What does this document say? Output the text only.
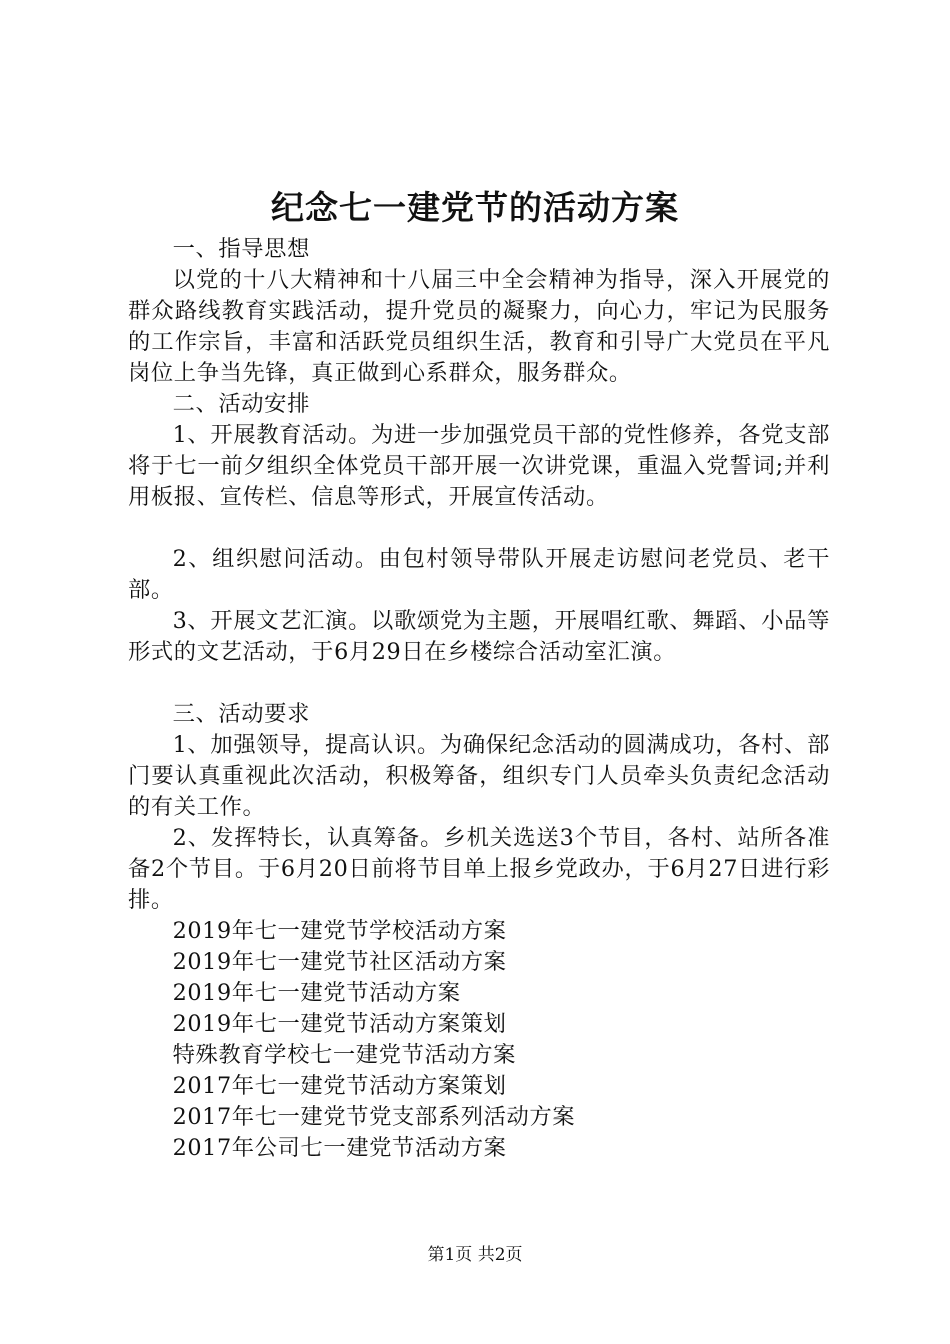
纪念七一建党节的活动方案

一、指导思想

以党的十八大精神和十八届三中全会精神为指导，深入开展党的群众路线教育实践活动，提升党员的凝聚力，向心力，牢记为民服务的工作宗旨，丰富和活跃党员组织生活，教育和引导广大党员在平凡岗位上争当先锋，真正做到心系群众，服务群众。

二、活动安排

1、开展教育活动。为进一步加强党员干部的党性修养，各党支部将于七一前夕组织全体党员干部开展一次讲党课，重温入党誓词;并利用板报、宣传栏、信息等形式，开展宣传活动。

2、组织慰问活动。由包村领导带队开展走访慰问老党员、老干部。

3、开展文艺汇演。以歌颂党为主题，开展唱红歌、舞蹈、小品等形式的文艺活动，于6月29日在乡楼综合活动室汇演。

三、活动要求

1、加强领导，提高认识。为确保纪念活动的圆满成功，各村、部门要认真重视此次活动，积极筹备，组织专门人员牵头负责纪念活动的有关工作。

2、发挥特长，认真筹备。乡机关选送3个节目，各村、站所各准备2个节目。于6月20日前将节目单上报乡党政办，于6月27日进行彩排。

2019年七一建党节学校活动方案

2019年七一建党节社区活动方案

2019年七一建党节活动方案

2019年七一建党节活动方案策划

特殊教育学校七一建党节活动方案

2017年七一建党节活动方案策划

2017年七一建党节党支部系列活动方案

2017年公司七一建党节活动方案

第1页 共2页
